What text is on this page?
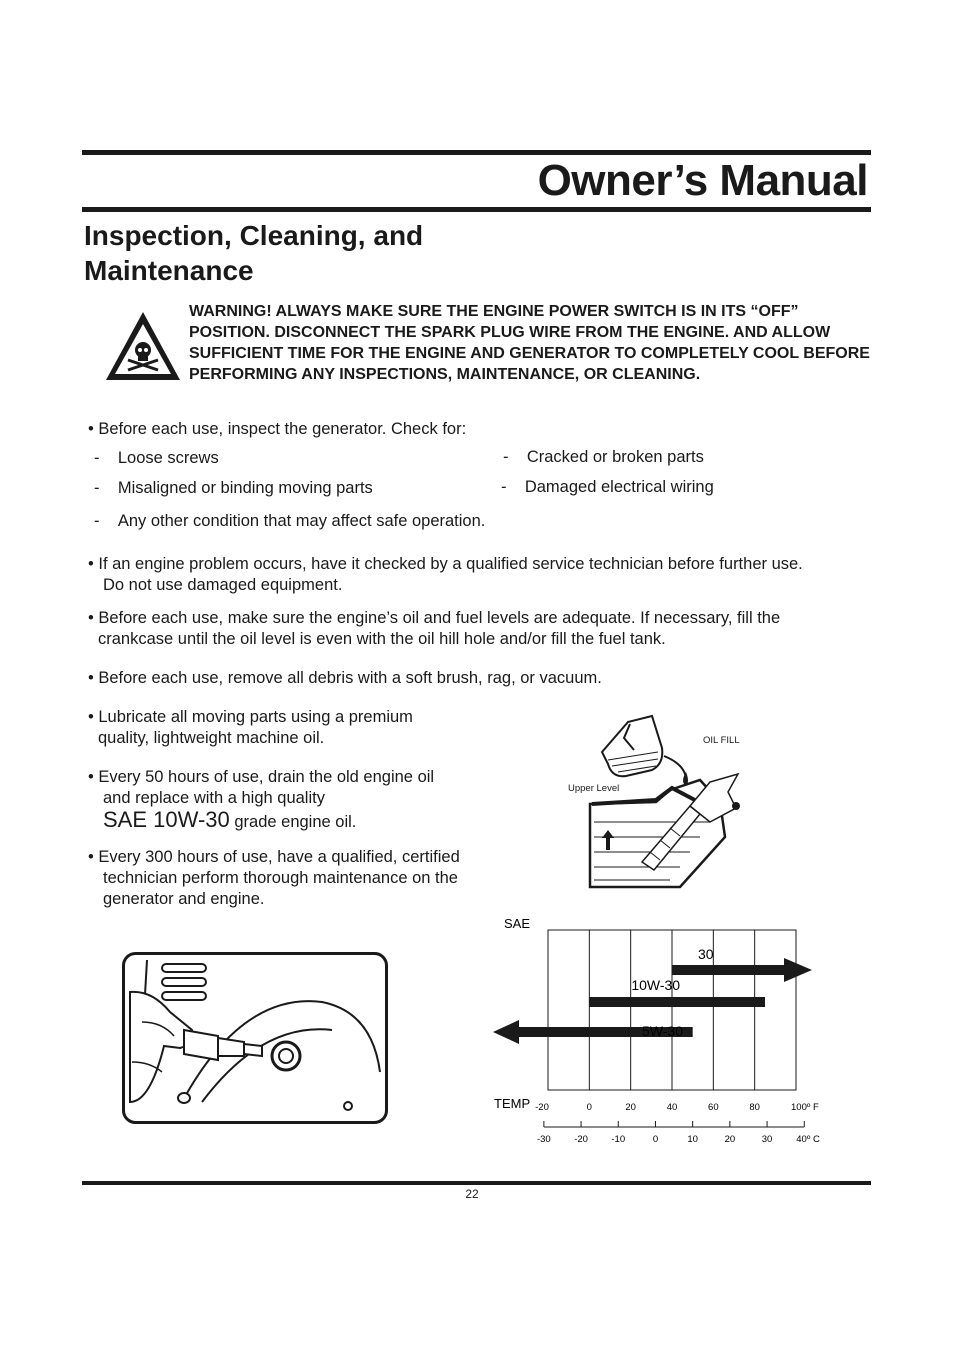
Owner’s Manual
Inspection, Cleaning, and Maintenance
WARNING! ALWAYS MAKE SURE THE ENGINE POWER SWITCH IS IN ITS “OFF” POSITION. DISCONNECT THE SPARK PLUG WIRE FROM THE ENGINE. AND ALLOW SUFFICIENT TIME FOR THE ENGINE AND GENERATOR TO COMPLETELY COOL BEFORE PERFORMING ANY INSPECTIONS, MAINTENANCE, OR CLEANING.
• Before each use, inspect the generator. Check for:
-    Loose screws
-    Misaligned or binding moving parts
-    Cracked or broken parts
-    Damaged electrical wiring
-    Any other condition that may affect safe operation.
• If an engine problem occurs, have it checked by a qualified service technician before further use.
Do not use damaged equipment.
• Before each use, make sure the engine’s oil and fuel levels are adequate. If necessary, fill the
crankcase until the oil level is even with the oil hill hole and/or fill the fuel tank.
• Before each use, remove all debris with a soft brush, rag, or vacuum.
• Lubricate all moving parts using a premium
quality, lightweight machine oil.
• Every 50 hours of use, drain the old engine oil
and replace with a high quality
SAE 10W-30 grade engine oil.
• Every 300 hours of use, have a qualified, certified
technician perform thorough maintenance on the
generator and engine.
OIL FILL
Upper Level
SAE
TEMP -20	0	20	40	60	80	100º F
-30 -20 -10	0	10	20	30	40º C
30
10W-30
5W-30
22
